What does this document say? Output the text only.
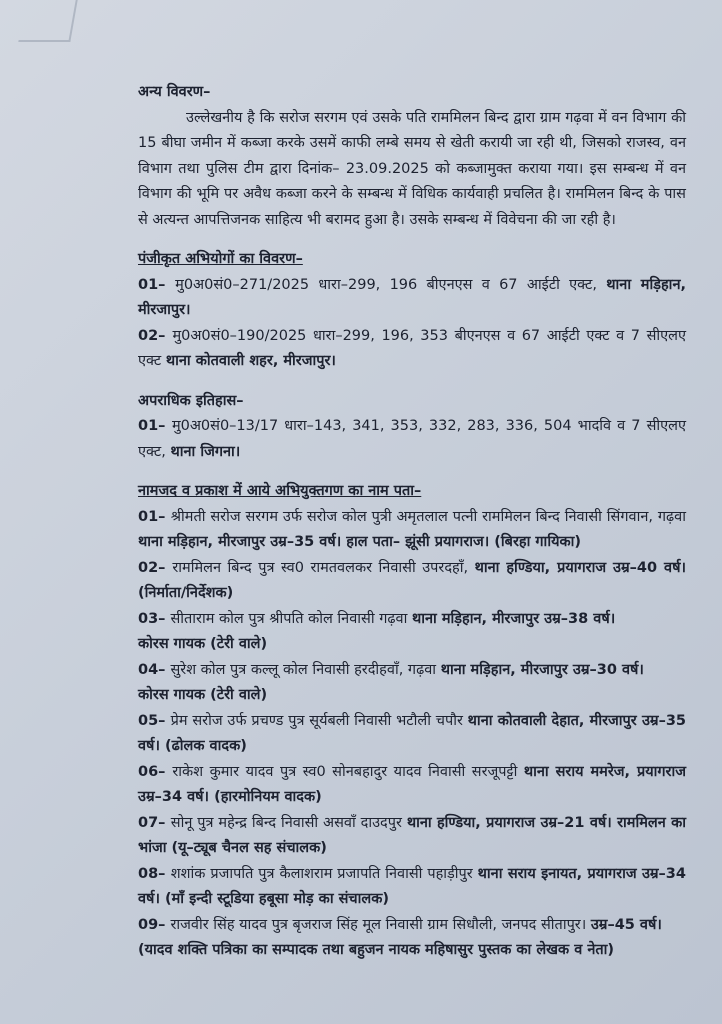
अन्य विवरण–

उल्लेखनीय है कि सरोज सरगम एवं उसके पति राममिलन बिन्द द्वारा ग्राम गढ़वा में वन विभाग की 15 बीघा जमीन में कब्जा करके उसमें काफी लम्बे समय से खेती करायी जा रही थी, जिसको राजस्व, वन विभाग तथा पुलिस टीम द्वारा दिनांक– 23.09.2025 को कब्जामुक्त कराया गया। इस सम्बन्ध में वन विभाग की भूमि पर अवैध कब्जा करने के सम्बन्ध में विधिक कार्यवाही प्रचलित है। राममिलन बिन्द के पास से अत्यन्त आपत्तिजनक साहित्य भी बरामद हुआ है। उसके सम्बन्ध में विवेचना की जा रही है।

पंजीकृत अभियोगों का विवरण–

01– मु0अ0सं0–271/2025 धारा–299, 196 बीएनएस व 67 आईटी एक्ट, थाना मड़िहान, मीरजापुर।

02– मु0अ0सं0–190/2025 धारा–299, 196, 353 बीएनएस व 67 आईटी एक्ट व 7 सीएलए एक्ट थाना कोतवाली शहर, मीरजापुर।

अपराधिक इतिहास–

01– मु0अ0सं0–13/17 धारा–143, 341, 353, 332, 283, 336, 504 भादवि व 7 सीएलए एक्ट, थाना जिगना।

नामजद व प्रकाश में आये अभियुक्तगण का नाम पता–

01– श्रीमती सरोज सरगम उर्फ सरोज कोल पुत्री अमृतलाल पत्नी राममिलन बिन्द निवासी सिंगवान, गढ़वा थाना मड़िहान, मीरजापुर उम्र–35 वर्ष। हाल पता– झूंसी प्रयागराज। (बिरहा गायिका)

02– राममिलन बिन्द पुत्र स्व0 रामतवलकर निवासी उपरदहाँ, थाना हण्डिया, प्रयागराज उम्र–40 वर्ष। (निर्माता/निर्देशक)

03– सीताराम कोल पुत्र श्रीपति कोल निवासी गढ़वा थाना मड़िहान, मीरजापुर उम्र–38 वर्ष।
कोरस गायक (टेरी वाले)

04– सुरेश कोल पुत्र कल्लू कोल निवासी हरदीहवाँ, गढ़वा थाना मड़िहान, मीरजापुर उम्र–30 वर्ष।
कोरस गायक (टेरी वाले)

05– प्रेम सरोज उर्फ प्रचण्ड पुत्र सूर्यबली निवासी भटौली चपौर थाना कोतवाली देहात, मीरजापुर उम्र–35 वर्ष। (ढोलक वादक)

06– राकेश कुमार यादव पुत्र स्व0 सोनबहादुर यादव निवासी सरजूपट्टी थाना सराय ममरेज, प्रयागराज उम्र–34 वर्ष। (हारमोनियम वादक)

07– सोनू पुत्र महेन्द्र बिन्द निवासी असवाँ दाउदपुर थाना हण्डिया, प्रयागराज उम्र–21 वर्ष। राममिलन का भांजा (यू–ट्यूब चैनल सह संचालक)

08– शशांक प्रजापति पुत्र कैलाशराम प्रजापति निवासी पहाड़ीपुर थाना सराय इनायत, प्रयागराज उम्र–34 वर्ष। (माँ इन्दी स्टूडिया हबूसा मोड़ का संचालक)

09– राजवीर सिंह यादव पुत्र बृजराज सिंह मूल निवासी ग्राम सिधौली, जनपद सीतापुर। उम्र–45 वर्ष।
(यादव शक्ति पत्रिका का सम्पादक तथा बहुजन नायक महिषासुर पुस्तक का लेखक व नेता)
